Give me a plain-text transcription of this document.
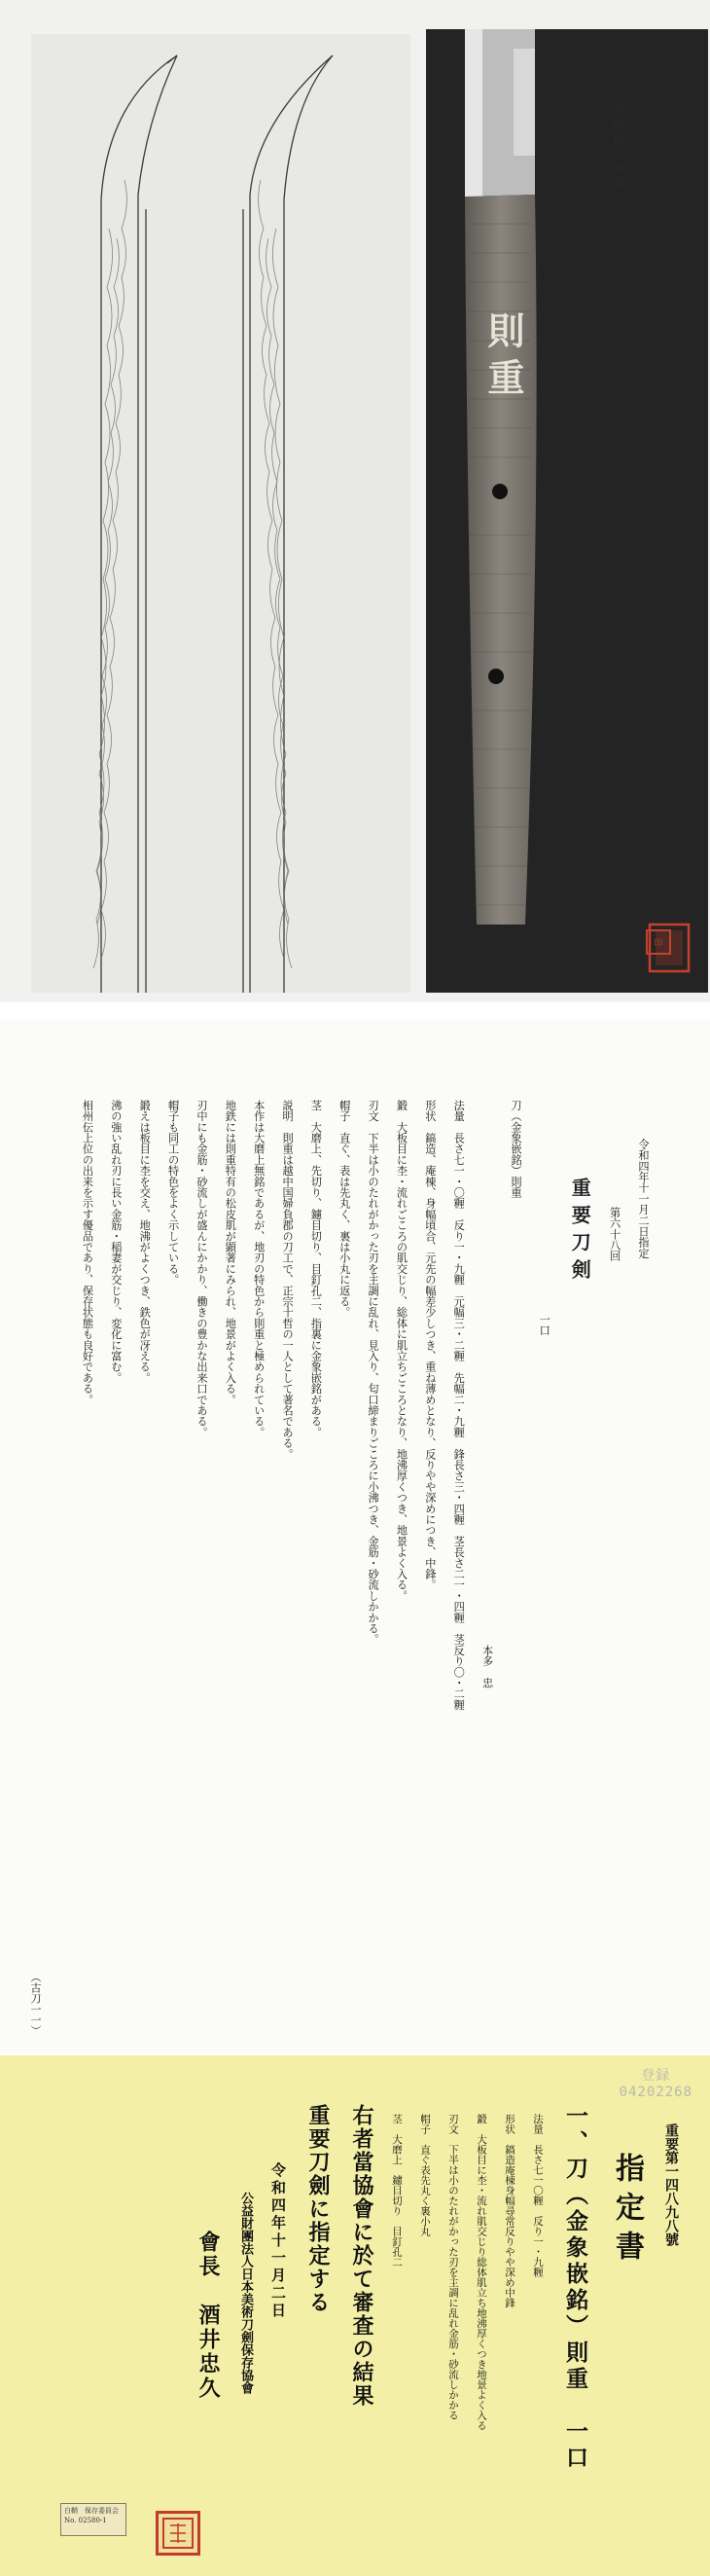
則重
刀（金象嵌銘）則重
印
令和四年十一月二日指定
第六十八回
重要刀剣
一口
刀（金象嵌銘）則重
本多　忠
法量　長さ七一・〇糎　反り一・九糎　元幅三・二糎　先幅二・九糎　鋒長さ三・四糎　茎長さ二一・四糎　茎反り〇・二糎
形状　鎬造、庵棟、身幅頃合、元先の幅差少しつき、重ね薄めとなり、反りやや深めにつき、中鋒。
鍛　大板目に杢・流れごころの肌交じり、総体に肌立ちごころとなり、地沸厚くつき、地景よく入る。
刃文　下半は小のたれがかった刃を主調に乱れ、見入り、匂口締まりごころに小沸つき、金筋・砂流しかかる。
帽子　直ぐ、表は先丸く、裏は小丸に返る。
茎　大磨上、先切り、鑢目切り、目釘孔二、指裏に金象嵌銘がある。
説明　則重は越中国婦負郡の刀工で、正宗十哲の一人として著名である。
本作は大磨上無銘であるが、地刃の特色から則重と極められている。
地鉄には則重特有の松皮肌が顕著にみられ、地景がよく入る。
刃中にも金筋・砂流しが盛んにかかり、働きの豊かな出来口である。
帽子も同工の特色をよく示している。
鍛えは板目に杢を交え、地沸がよくつき、鉄色が冴える。
沸の強い乱れ刃に長い金筋・稲妻が交じり、変化に富む。
相州伝上位の出来を示す優品であり、保存状態も良好である。
（古刀一一）
登録
04202268
重要第一四八九八號
指定書
一、刀（金象嵌銘）則重　一口
法量　長さ七一〇糎　反り一・九糎
形状　鎬造庵棟身幅尋常反りやや深め中鋒
鍛　大板目に杢・流れ肌交じり総体肌立ち地沸厚くつき地景よく入る
刃文　下半は小のたれがかった刃を主調に乱れ金筋・砂流しかかる
帽子　直ぐ表先丸く裏小丸
茎　大磨上　鑢目切り　目釘孔二
右者當協會に於て審査の結果
重要刀劍に指定する
令和四年十一月二日
公益財團法人日本美術刀劍保存協會
會長　酒井忠久
白鞘　保存委員会
No. 02580-1
